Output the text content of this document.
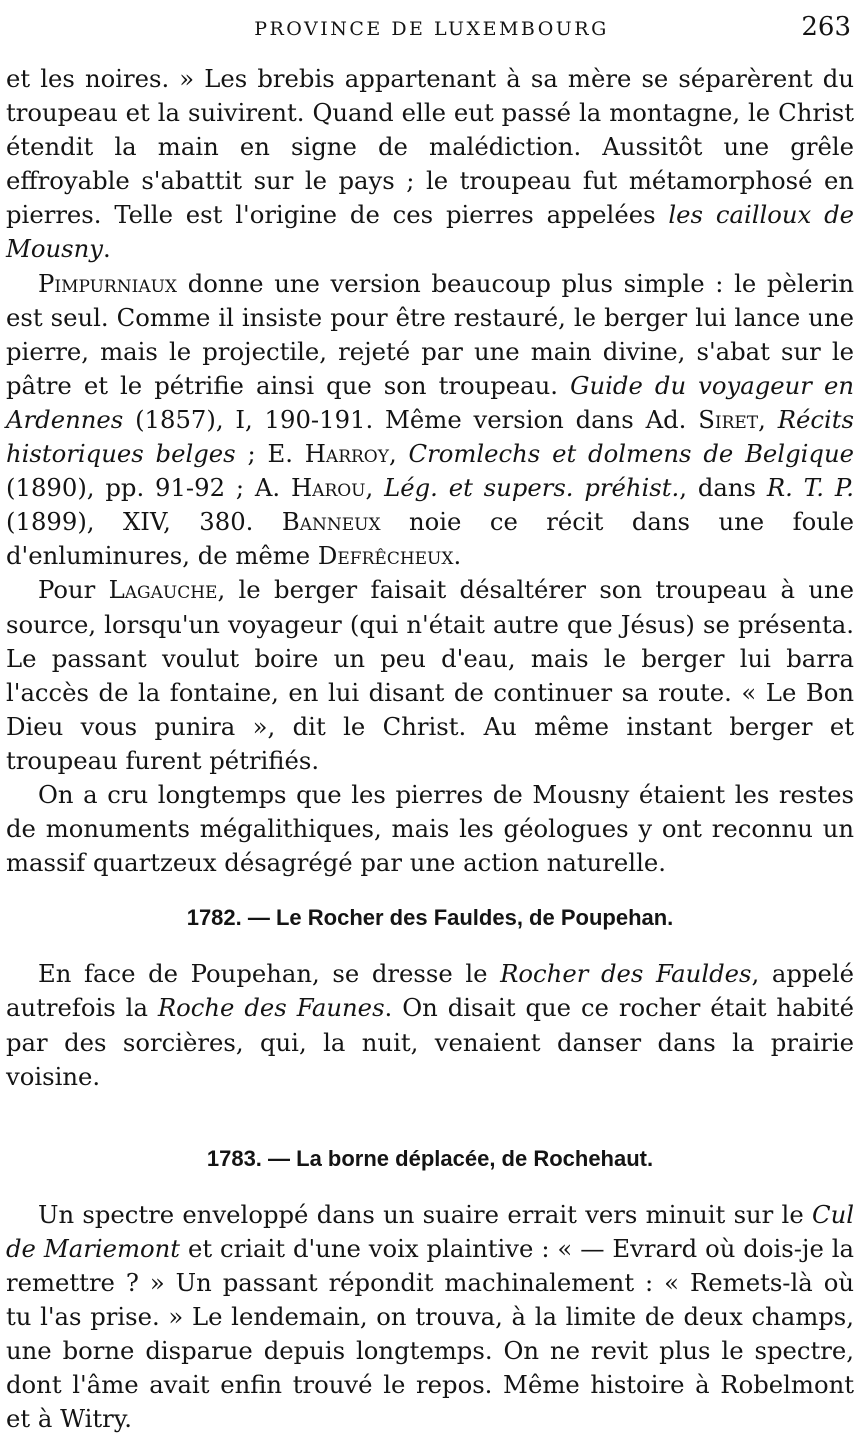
PROVINCE DE LUXEMBOURG	263

et les noires. » Les brebis appartenant à sa mère se séparèrent du troupeau et la suivirent. Quand elle eut passé la montagne, le Christ étendit la main en signe de malédiction. Aussitôt une grêle effroyable s'abattit sur le pays ; le troupeau fut métamorphosé en pierres. Telle est l'origine de ces pierres appelées les cailloux de Mousny.

Pimpurniaux donne une version beaucoup plus simple : le pèlerin est seul. Comme il insiste pour être restauré, le berger lui lance une pierre, mais le projectile, rejeté par une main divine, s'abat sur le pâtre et le pétrifie ainsi que son troupeau. Guide du voyageur en Ardennes (1857), I, 190-191. Même version dans Ad. Siret, Récits historiques belges ; E. Harroy, Cromlechs et dolmens de Belgique (1890), pp. 91-92 ; A. Harou, Lég. et supers. préhist., dans R. T. P. (1899), XIV, 380. Banneux noie ce récit dans une foule d'enluminures, de même Defrêcheux.

Pour Lagauche, le berger faisait désaltérer son troupeau à une source, lorsqu'un voyageur (qui n'était autre que Jésus) se présenta. Le passant voulut boire un peu d'eau, mais le berger lui barra l'accès de la fontaine, en lui disant de continuer sa route. « Le Bon Dieu vous punira », dit le Christ. Au même instant berger et troupeau furent pétrifiés.

On a cru longtemps que les pierres de Mousny étaient les restes de monuments mégalithiques, mais les géologues y ont reconnu un massif quartzeux désagrégé par une action naturelle.

1782. — Le Rocher des Fauldes, de Poupehan.

En face de Poupehan, se dresse le Rocher des Fauldes, appelé autrefois la Roche des Faunes. On disait que ce rocher était habité par des sorcières, qui, la nuit, venaient danser dans la prairie voisine.

1783. — La borne déplacée, de Rochehaut.

Un spectre enveloppé dans un suaire errait vers minuit sur le Cul de Mariemont et criait d'une voix plaintive : « — Evrard où dois-je la remettre ? » Un passant répondit machinalement : « Remets-là où tu l'as prise. » Le lendemain, on trouva, à la limite de deux champs, une borne disparue depuis longtemps. On ne revit plus le spectre, dont l'âme avait enfin trouvé le repos. Même histoire à Robelmont et à Witry.
